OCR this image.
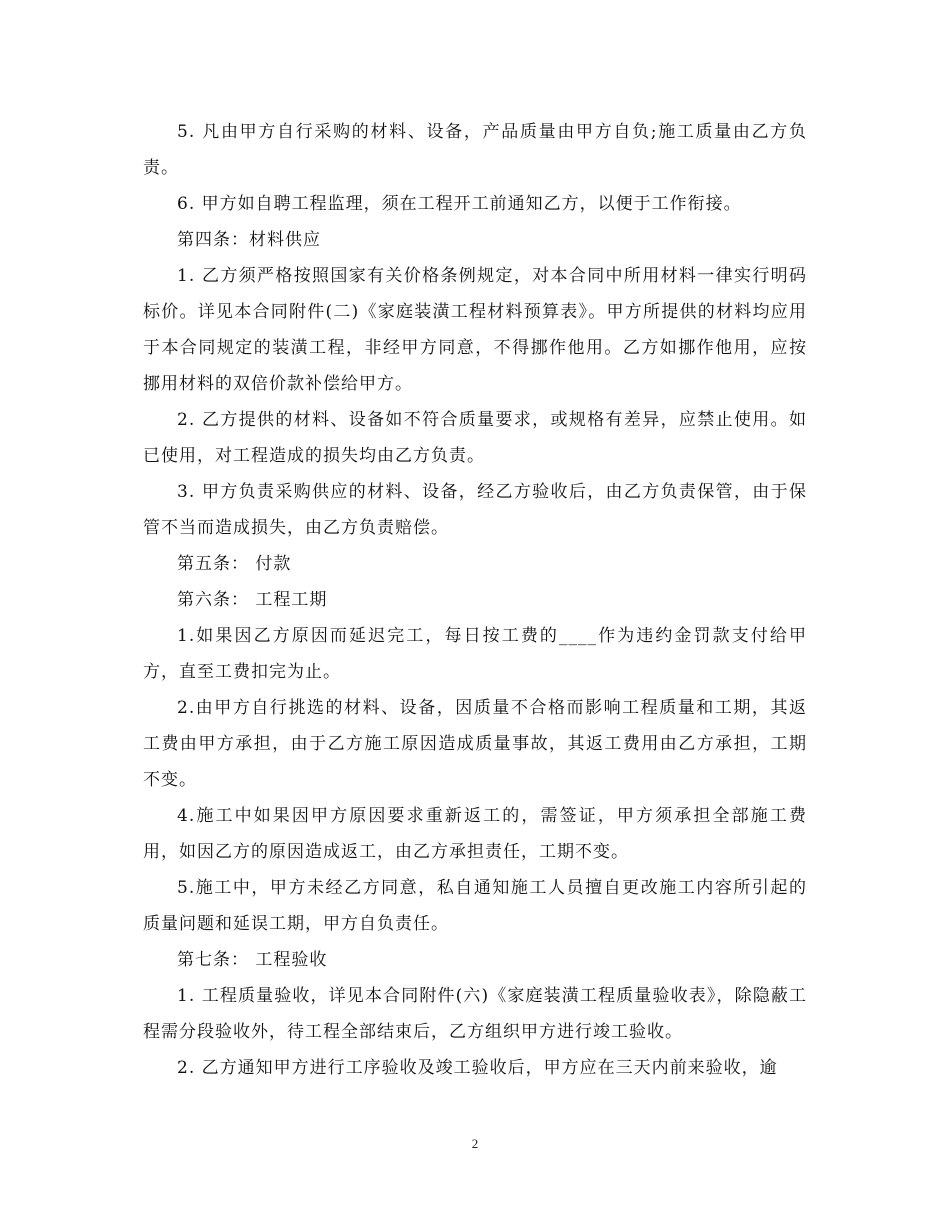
5. 凡由甲方自行采购的材料、设备，产品质量由甲方自负;施工质量由乙方负责。

6. 甲方如自聘工程监理，须在工程开工前通知乙方，以便于工作衔接。

第四条：材料供应

1. 乙方须严格按照国家有关价格条例规定，对本合同中所用材料一律实行明码标价。详见本合同附件(二)《家庭装潢工程材料预算表》。甲方所提供的材料均应用于本合同规定的装潢工程，非经甲方同意，不得挪作他用。乙方如挪作他用，应按挪用材料的双倍价款补偿给甲方。

2. 乙方提供的材料、设备如不符合质量要求，或规格有差异，应禁止使用。如已使用，对工程造成的损失均由乙方负责。

3. 甲方负责采购供应的材料、设备，经乙方验收后，由乙方负责保管，由于保管不当而造成损失，由乙方负责赔偿。

第五条： 付款

第六条： 工程工期

1.如果因乙方原因而延迟完工，每日按工费的____作为违约金罚款支付给甲方，直至工费扣完为止。

2.由甲方自行挑选的材料、设备，因质量不合格而影响工程质量和工期，其返工费由甲方承担，由于乙方施工原因造成质量事故，其返工费用由乙方承担，工期不变。

4.施工中如果因甲方原因要求重新返工的，需签证，甲方须承担全部施工费用，如因乙方的原因造成返工，由乙方承担责任，工期不变。

5.施工中，甲方未经乙方同意，私自通知施工人员擅自更改施工内容所引起的质量问题和延误工期，甲方自负责任。

第七条： 工程验收

1. 工程质量验收，详见本合同附件(六)《家庭装潢工程质量验收表》，除隐蔽工程需分段验收外，待工程全部结束后，乙方组织甲方进行竣工验收。

2. 乙方通知甲方进行工序验收及竣工验收后，甲方应在三天内前来验收，逾

2
